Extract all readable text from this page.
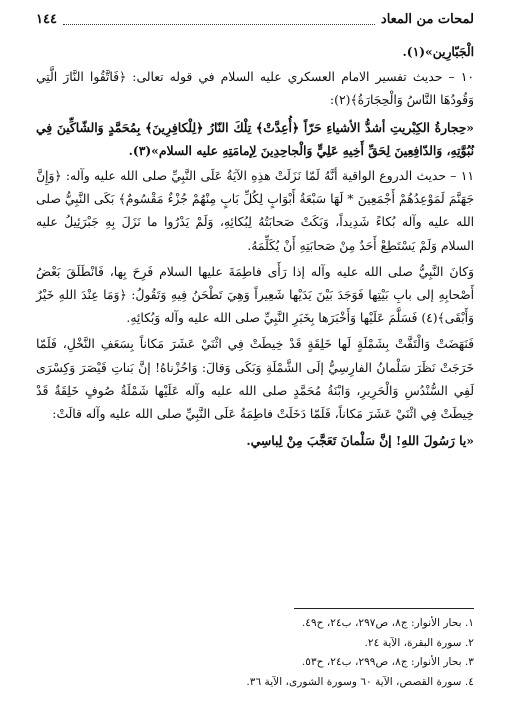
لمحات من المعاد
١٤٤

الْجَبّارِين»(١).

١٠ – حديث تفسير الامام العسكري عليه السلام في قوله تعالى: ﴿فَاتَّقُوا النَّارَ الَّتِي وَقُودُهَا النَّاسُ وَالْحِجَارَةُ﴾(٢):

«حِجارةُ الكِبْريتِ أشدُّ الأشياءِ حَرّاً ﴿أُعِدَّتْ﴾ تِلْكَ النّارُ ﴿لِلْكافِرِينَ﴾ بِمُحَمَّدٍ وَالشّاكِّينَ فِي نُبُوَّتِهِ، وَالدّافِعِينَ لِحَقِّ أَخِيهِ عَلِيٍّ وَالْجاحِدِينَ لِإمامَتِهِ عليه السلام»(٣).

١١ – حديث الدروع الواقية أنَّهُ لَمّا نَزَلَتْ هذِهِ الآيَةُ عَلَى النَّبِيِّ صلى الله عليه وآله: ﴿وَإِنَّ جَهَنَّمَ لَمَوْعِدُهُمْ أَجْمَعِينَ * لَهَا سَبْعَةُ أَبْوَابٍ لِكُلِّ بَابٍ مِنْهُمْ جُزْءٌ مَقْسُومٌ﴾ بَكَى النَّبِيُّ صلى الله عليه وآله بُكاءً شَدِيداً، وَبَكَتْ صَحابَتُهُ لِبُكائِهِ، وَلَمْ يَدْرُوا ما نَزَلَ بِهِ جَبْرَئِيلُ عليه السلام وَلَمْ يَسْتَطِعْ أَحَدٌ مِنْ صَحابَتِهِ أَنْ يُكَلِّمَهُ.

وَكانَ النَّبِيُّ صلى الله عليه وآله إذا رَأَى فاطِمَةَ عليها السلام فَرِحَ بِها، فَانْطَلَقَ بَعْضُ أَصْحابِهِ إلى بابِ بَيْتِها فَوَجَدَ بَيْنَ يَدَيْها شَعِيراً وَهِيَ تَطْحَنُ فِيهِ وَتَقُولُ: ﴿وَمَا عِنْدَ اللهِ خَيْرٌ وَأَبْقَى﴾(٤) فَسَلَّمَ عَلَيْها وَأَخْبَرَها بِخَبَرِ النَّبِيِّ صلى الله عليه وآله وَبُكائِهِ.

فَنَهَضَتْ وَالْتَفَّتْ بِشَمْلَةٍ لَها خَلِقَةٍ قَدْ خِيطَتْ فِي اثْنَيْ عَشَرَ مَكاناً بِسَعَفِ النَّخْلِ، فَلَمّا خَرَجَتْ نَظَرَ سَلْمانُ الفارِسِيُّ إلَى الشَّمْلَةِ وَبَكَى وَقالَ: وَاحُزْناهُ! إنَّ بَناتِ قَيْصَرَ وَكِسْرَى لَفِي السُّنْدُسِ وَالْحَرِيرِ، وَابْنَةُ مُحَمَّدٍ صلى الله عليه وآله عَلَيْها شَمْلَةُ صُوفٍ خَلِقَةٌ قَدْ خِيطَتْ فِي اثْنَيْ عَشَرَ مَكاناً، فَلَمّا دَخَلَتْ فاطِمَةُ عَلَى النَّبِيِّ صلى الله عليه وآله قالَتْ:

«يا رَسُولَ اللهِ! إنَّ سَلْمانَ تَعَجَّبَ مِنْ لِباسِي.

١. بحار الأنوار: ج٨، ص٢٩٧، ب٢٤، ح٤٩.
٢. سورة البقرة، الآية ٢٤.
٣. بحار الأنوار: ج٨، ص٢٩٩، ب٢٤، ح٥٣.
٤. سورة القصص، الآية ٦٠ وسورة الشورى، الآية ٣٦.
